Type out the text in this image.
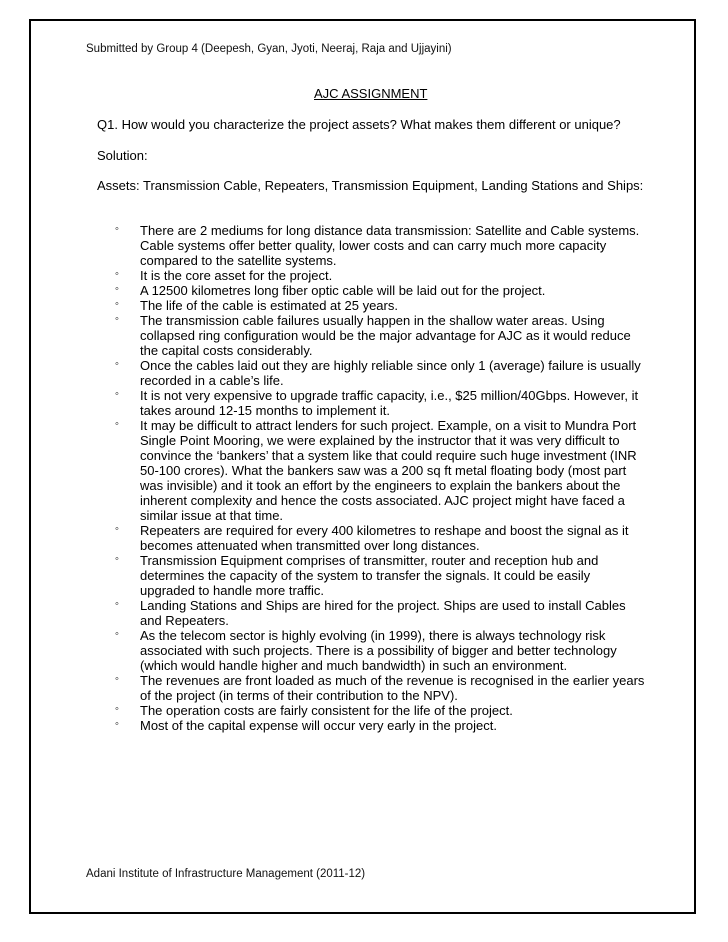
Submitted by Group 4 (Deepesh, Gyan, Jyoti, Neeraj, Raja and Ujjayini)
AJC ASSIGNMENT
Q1. How would you characterize the project assets? What makes them different or unique?
Solution:
Assets: Transmission Cable, Repeaters, Transmission Equipment, Landing Stations and Ships:
◦ There are 2 mediums for long distance data transmission: Satellite and Cable systems. Cable systems offer better quality, lower costs and can carry much more capacity compared to the satellite systems.
◦ It is the core asset for the project.
◦ A 12500 kilometres long fiber optic cable will be laid out for the project.
◦ The life of the cable is estimated at 25 years.
◦ The transmission cable failures usually happen in the shallow water areas. Using collapsed ring configuration would be the major advantage for AJC as it would reduce the capital costs considerably.
◦ Once the cables laid out they are highly reliable since only 1 (average) failure is usually recorded in a cable’s life.
◦ It is not very expensive to upgrade traffic capacity, i.e., $25 million/40Gbps. However, it takes around 12-15 months to implement it.
◦ It may be difficult to attract lenders for such project. Example, on a visit to Mundra Port Single Point Mooring, we were explained by the instructor that it was very difficult to convince the ‘bankers’ that a system like that could require such huge investment (INR 50-100 crores). What the bankers saw was a 200 sq ft metal floating body (most part was invisible) and it took an effort by the engineers to explain the bankers about the inherent complexity and hence the costs associated. AJC project might have faced a similar issue at that time.
◦ Repeaters are required for every 400 kilometres to reshape and boost the signal as it becomes attenuated when transmitted over long distances.
◦ Transmission Equipment comprises of transmitter, router and reception hub and determines the capacity of the system to transfer the signals. It could be easily upgraded to handle more traffic.
◦ Landing Stations and Ships are hired for the project. Ships are used to install Cables and Repeaters.
◦ As the telecom sector is highly evolving (in 1999), there is always technology risk associated with such projects. There is a possibility of bigger and better technology (which would handle higher and much bandwidth) in such an environment.
◦ The revenues are front loaded as much of the revenue is recognised in the earlier years of the project (in terms of their contribution to the NPV).
◦ The operation costs are fairly consistent for the life of the project.
◦ Most of the capital expense will occur very early in the project.
Adani Institute of Infrastructure Management (2011-12)
